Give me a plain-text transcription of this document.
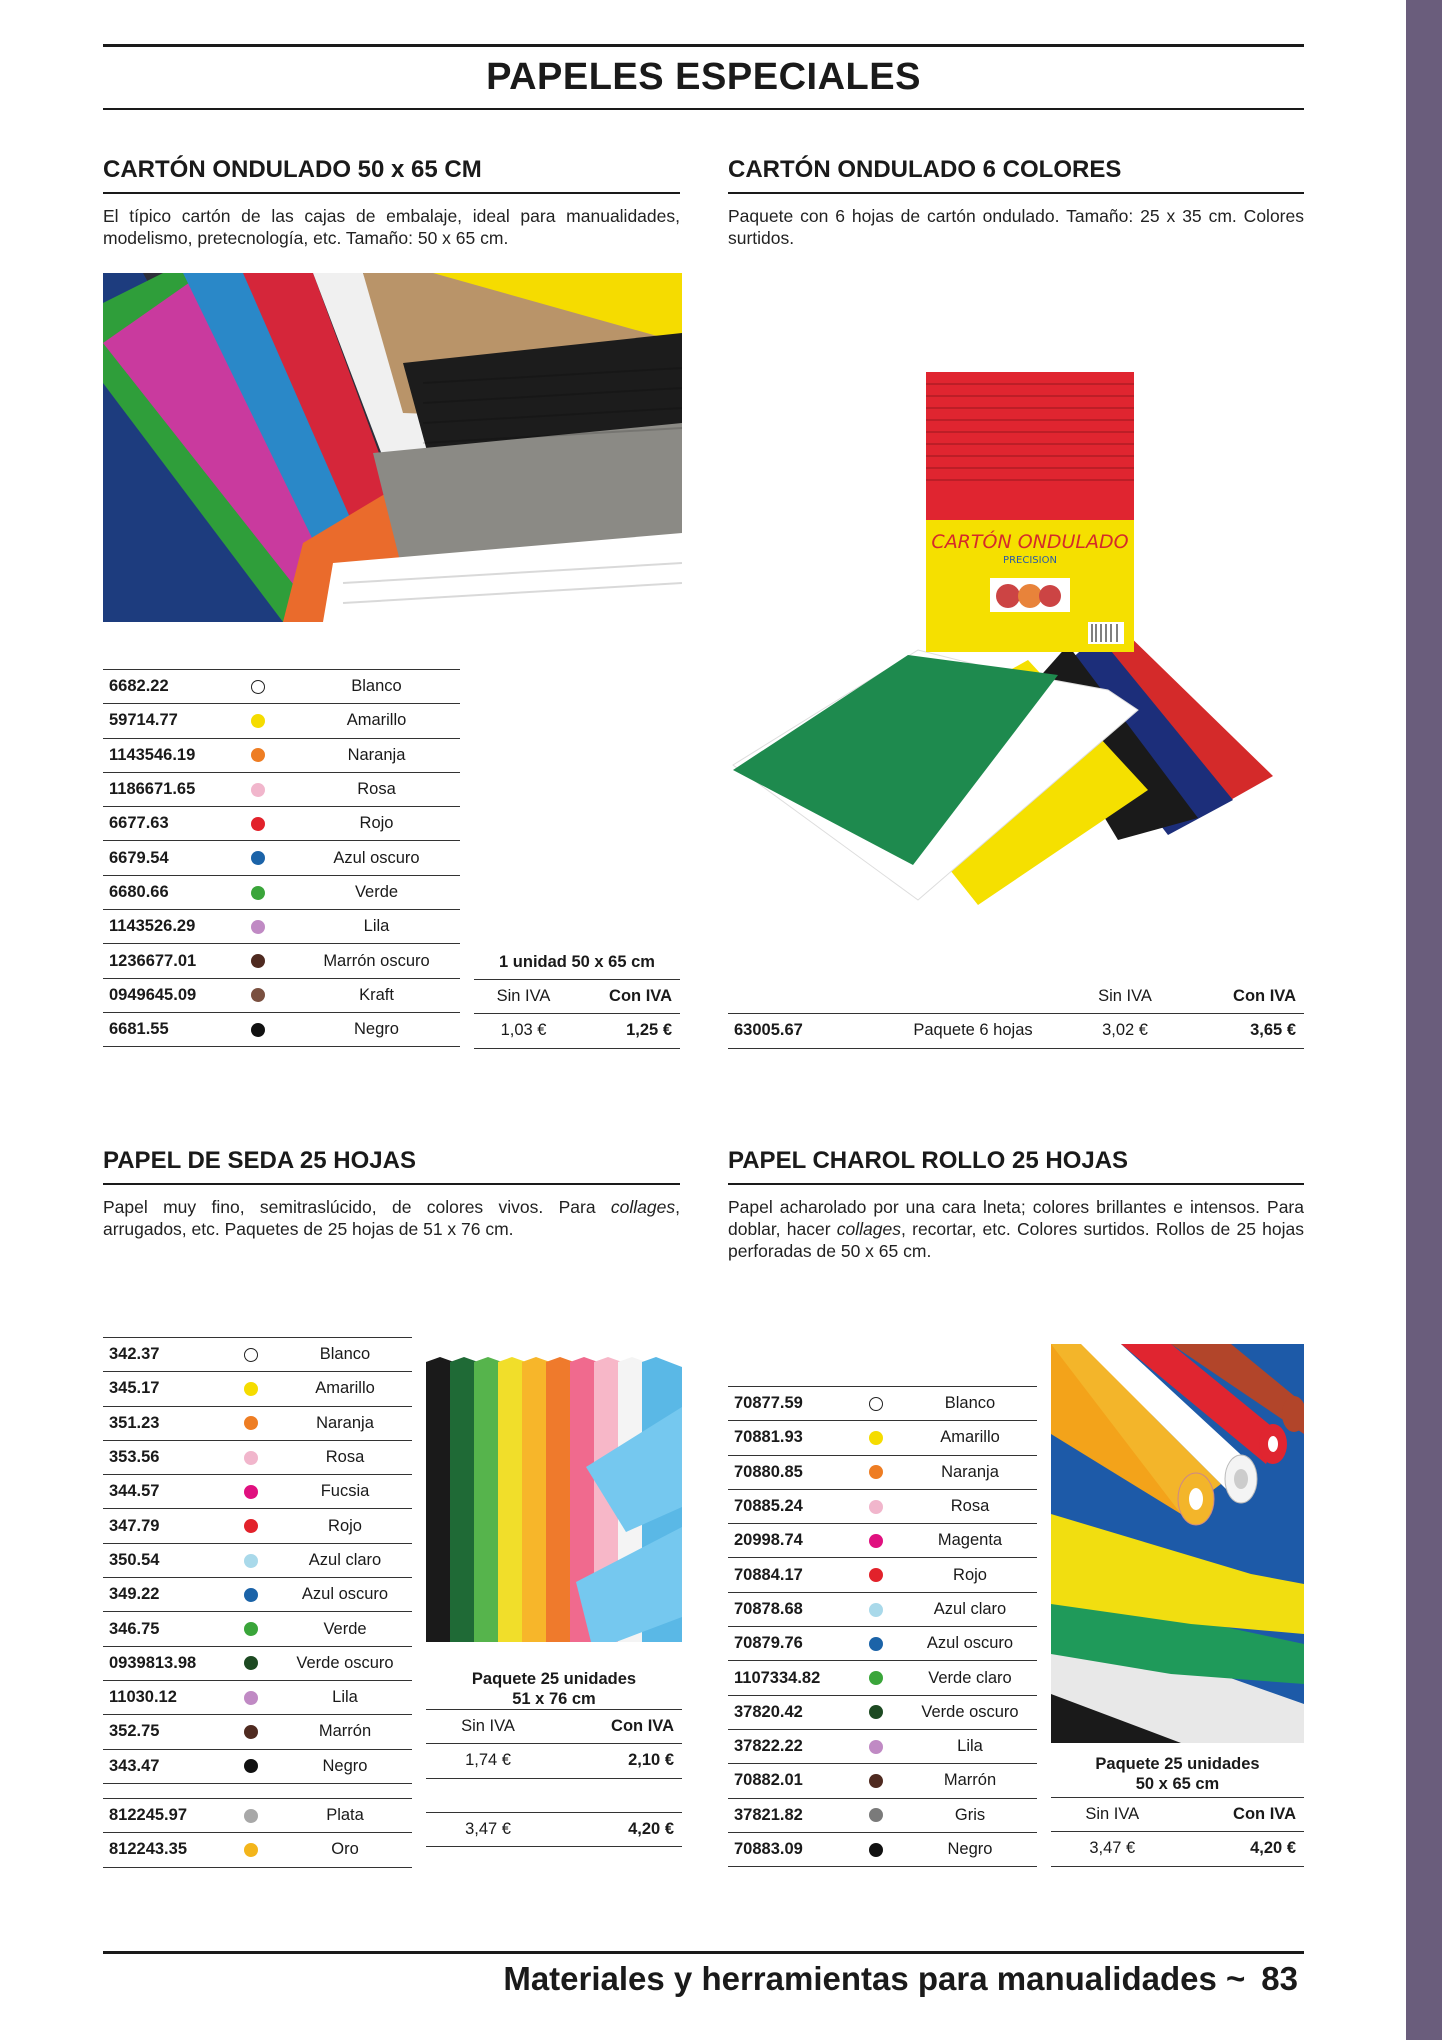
PAPELES ESPECIALES
CARTÓN ONDULADO 50 x 65 CM

El típico cartón de las cajas de embalaje, ideal para manualidades, modelismo, pretecnología, etc. Tamaño: 50 x 65 cm.

6682.22		Blanco
59714.77		Amarillo
1143546.19		Naranja
1186671.65		Rosa
6677.63		Rojo
6679.54		Azul oscuro
6680.66		Verde
1143526.29		Lila
1236677.01		Marrón oscuro
0949645.09		Kraft
6681.55		Negro
1 unidad 50 x 65 cm
Sin IVA	Con IVA
1,03 €	1,25 €
CARTÓN ONDULADO 6 COLORES

Paquete con 6 hojas de cartón ondulado. Tamaño: 25 x 35 cm. Colores surtidos.

CARTÓN ONDULADO
PRECISION
Sin IVA	Con IVA
63005.67	Paquete 6 hojas	3,02 €	3,65 €
PAPEL DE SEDA 25 HOJAS

Papel muy fino, semitraslúcido, de colores vivos. Para collages, arrugados, etc. Paquetes de 25 hojas de 51 x 76 cm.

342.37		Blanco
345.17		Amarillo
351.23		Naranja
353.56		Rosa
344.57		Fucsia
347.79		Rojo
350.54		Azul claro
349.22		Azul oscuro
346.75		Verde
0939813.98		Verde oscuro
11030.12		Lila
352.75		Marrón
343.47		Negro
812245.97		Plata
812243.35		Oro
Paquete 25 unidades
51 x 76 cm
Sin IVA	Con IVA
1,74 €	2,10 €
3,47 €	4,20 €
PAPEL CHAROL ROLLO 25 HOJAS

Papel acharolado por una cara lneta; colores brillantes e intensos. Para doblar, hacer collages, recortar, etc. Colores surtidos. Rollos de 25 hojas perforadas de 50 x 65 cm.

70877.59		Blanco
70881.93		Amarillo
70880.85		Naranja
70885.24		Rosa
20998.74		Magenta
70884.17		Rojo
70878.68		Azul claro
70879.76		Azul oscuro
1107334.82		Verde claro
37820.42		Verde oscuro
37822.22		Lila
70882.01		Marrón
37821.82		Gris
70883.09		Negro
Paquete 25 unidades
50 x 65 cm
Sin IVA	Con IVA
3,47 €	4,20 €
Materiales y herramientas para manualidades ~ 83
